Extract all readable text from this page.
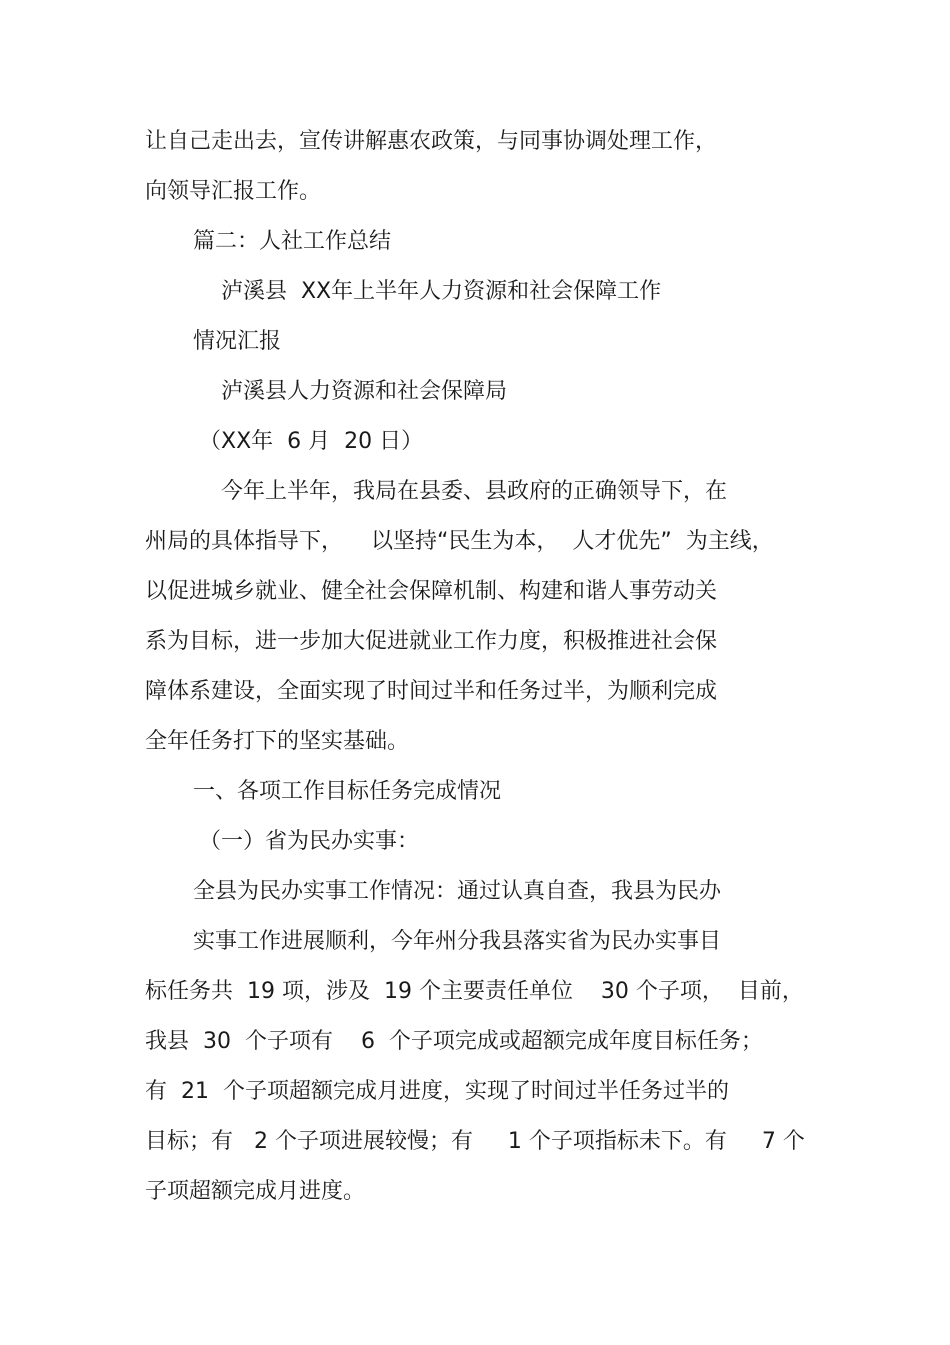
让自己走出去，宣传讲解惠农政策，与同事协调处理工作，
向领导汇报工作。
篇二：人社工作总结
泸溪县  XX年上半年人力资源和社会保障工作
情况汇报
泸溪县人力资源和社会保障局
（XX年  6 月  20 日）
今年上半年，我局在县委、县政府的正确领导下，在
州局的具体指导下，    以坚持“民生为本，  人才优先”  为主线，
以促进城乡就业、健全社会保障机制、构建和谐人事劳动关
系为目标，进一步加大促进就业工作力度，积极推进社会保
障体系建设，全面实现了时间过半和任务过半，为顺利完成
全年任务打下的坚实基础。
一、各项工作目标任务完成情况
（一）省为民办实事：
全县为民办实事工作情况：通过认真自查，我县为民办
实事工作进展顺利，今年州分我县落实省为民办实事目
标任务共  19 项，涉及  19 个主要责任单位    30 个子项，  目前，
我县  30  个子项有    6  个子项完成或超额完成年度目标任务；
有  21  个子项超额完成月进度，实现了时间过半任务过半的
目标；有   2 个子项进展较慢；有     1 个子项指标未下。有     7 个
子项超额完成月进度。
